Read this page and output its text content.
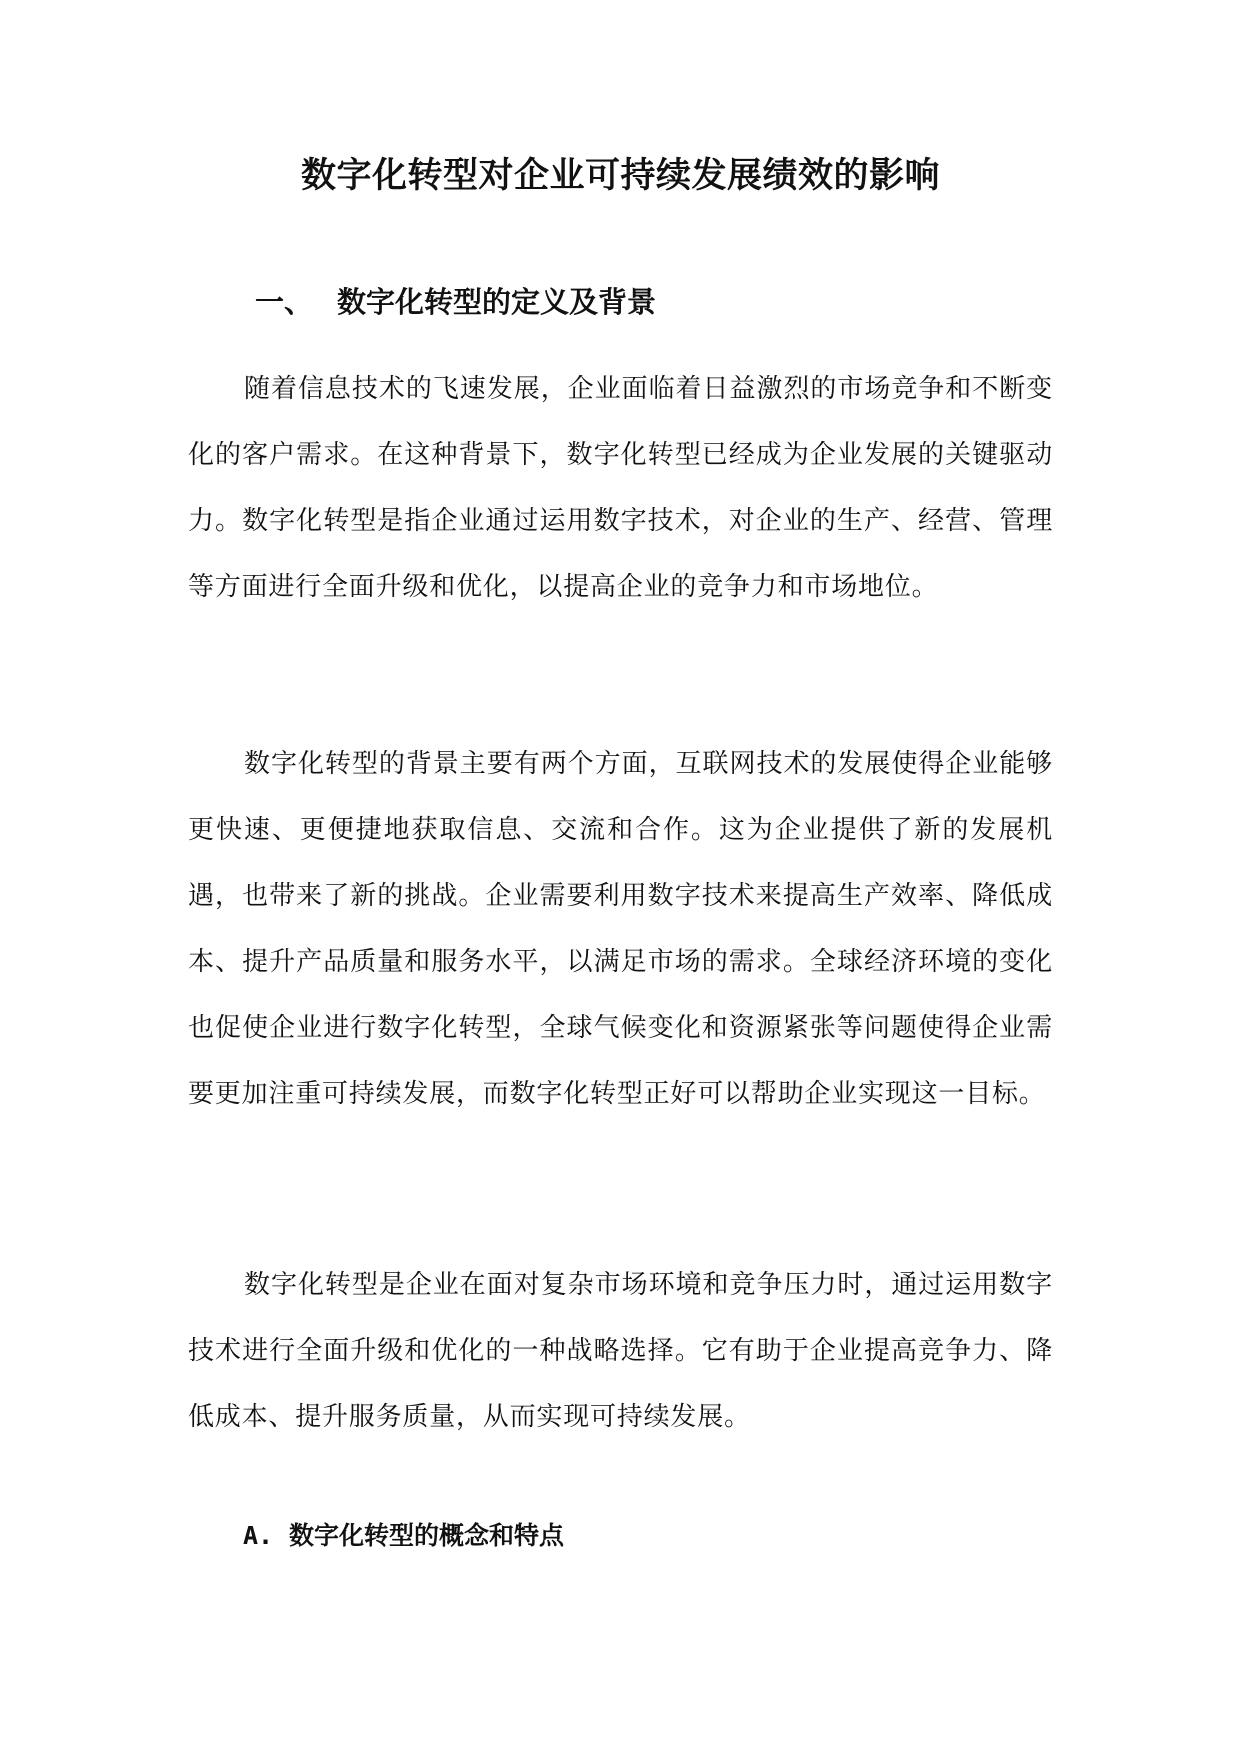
数字化转型对企业可持续发展绩效的影响
一、 数字化转型的定义及背景

随着信息技术的飞速发展，企业面临着日益激烈的市场竞争和不断变化的客户需求。在这种背景下，数字化转型已经成为企业发展的关键驱动力。数字化转型是指企业通过运用数字技术，对企业的生产、经营、管理等方面进行全面升级和优化，以提高企业的竞争力和市场地位。

数字化转型的背景主要有两个方面，互联网技术的发展使得企业能够更快速、更便捷地获取信息、交流和合作。这为企业提供了新的发展机遇，也带来了新的挑战。企业需要利用数字技术来提高生产效率、降低成本、提升产品质量和服务水平，以满足市场的需求。全球经济环境的变化也促使企业进行数字化转型，全球气候变化和资源紧张等问题使得企业需要更加注重可持续发展，而数字化转型正好可以帮助企业实现这一目标。

数字化转型是企业在面对复杂市场环境和竞争压力时，通过运用数字技术进行全面升级和优化的一种战略选择。它有助于企业提高竞争力、降低成本、提升服务质量，从而实现可持续发展。

A. 数字化转型的概念和特点
